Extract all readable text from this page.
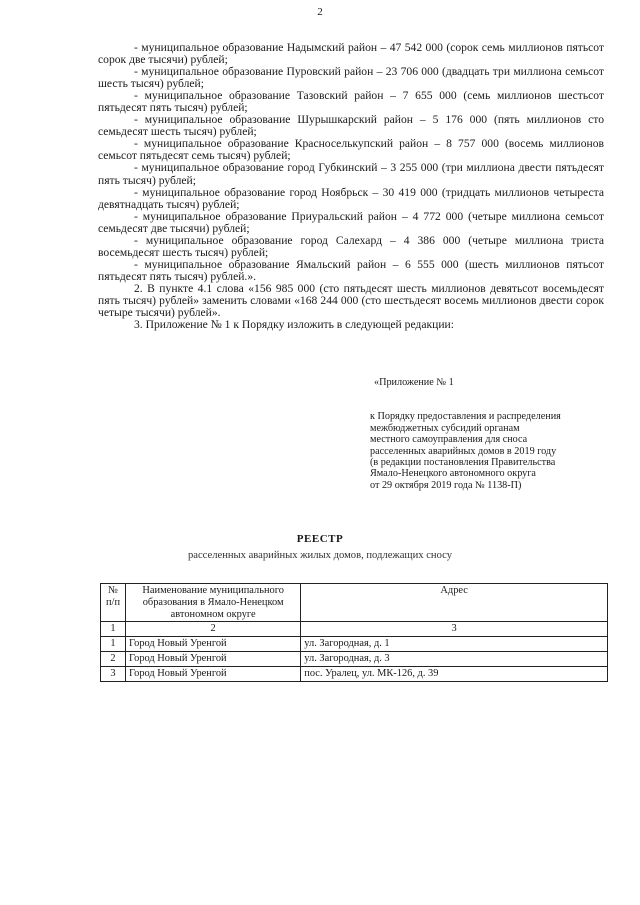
2

- муниципальное образование Надымский район – 47 542 000 (сорок семь миллионов пятьсот сорок две тысячи) рублей;

- муниципальное образование Пуровский район – 23 706 000 (двадцать три миллиона семьсот шесть тысяч) рублей;

- муниципальное образование Тазовский район – 7 655 000 (семь миллионов шестьсот пятьдесят пять тысяч) рублей;

- муниципальное образование Шурышкарский район – 5 176 000 (пять миллионов сто семьдесят шесть тысяч) рублей;

- муниципальное образование Красноселькупский район – 8 757 000 (восемь миллионов семьсот пятьдесят семь тысяч) рублей;

- муниципальное образование город Губкинский – 3 255 000 (три миллиона двести пятьдесят пять тысяч) рублей;

- муниципальное образование город Ноябрьск – 30 419 000 (тридцать миллионов четыреста девятнадцать тысяч) рублей;

- муниципальное образование Приуральский район – 4 772 000 (четыре миллиона семьсот семьдесят две тысячи) рублей;

- муниципальное образование город Салехард – 4 386 000 (четыре миллиона триста восемьдесят шесть тысяч) рублей;

- муниципальное образование Ямальский район – 6 555 000 (шесть миллионов пятьсот пятьдесят пять тысяч) рублей.».

2. В пункте 4.1 слова «156 985 000 (сто пятьдесят шесть миллионов девятьсот восемьдесят пять тысяч) рублей» заменить словами «168 244 000 (сто шестьдесят восемь миллионов двести сорок четыре тысячи) рублей».

3. Приложение № 1 к Порядку изложить в следующей редакции:

«Приложение № 1
к Порядку предоставления и распределения
межбюджетных субсидий органам
местного самоуправления для сноса
расселенных аварийных домов в 2019 году
(в редакции постановления Правительства
Ямало-Ненецкого автономного округа
от 29 октября 2019 года № 1138-П)
РЕЕСТР
расселенных аварийных жилых домов, подлежащих сносу
№ п/п	Наименование муниципального образования в Ямало-Ненецком автономном округе	Адрес
1	2	3
1	Город Новый Уренгой	ул. Загородная, д. 1
2	Город Новый Уренгой	ул. Загородная, д. 3
3	Город Новый Уренгой	пос. Уралец, ул. МК-126, д. 39
